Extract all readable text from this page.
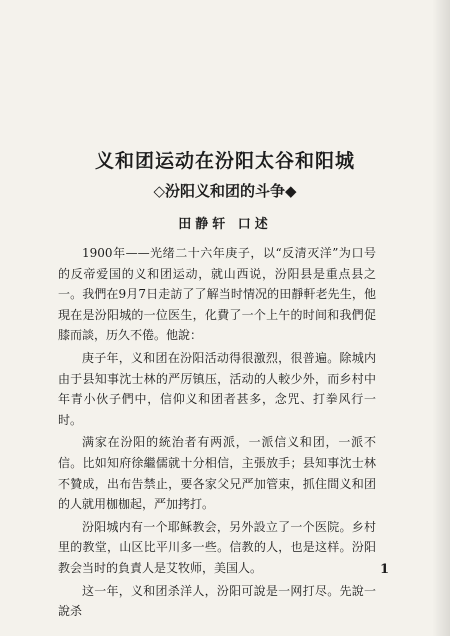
义和团运动在汾阳太谷和阳城
◇汾阳义和团的斗争◆
田静轩 口述

1900年——光绪二十六年庚子，以“反清灭洋”为口号的反帝爱国的义和团运动，就山西说，汾阳县是重点县之一。我們在9月7日走訪了了解当时情况的田靜軒老先生，他現在是汾阳城的一位医生，化費了一个上午的时间和我們促膝而談，历久不倦。他說：

庚子年，义和团在汾阳活动得很激烈，很普遍。除城内由于县知事沈士林的严厉镇压，活动的人較少外，而乡村中年青小伙子們中，信仰义和团者甚多，念咒、打拳风行一时。

满家在汾阳的統治者有两派，一派信义和团，一派不信。比如知府徐繼儒就十分相信，主張放手；县知事沈士林不贊成，出布告禁止，要各家父兄严加管束，抓住間义和团的人就用枷枷起，严加拷打。

汾阳城内有一个耶稣教会，另外設立了一个医院。乡村里的教堂，山区比平川多一些。信教的人，也是这样。汾阳教会当时的負責人是艾牧师，美国人。

这一年，义和团杀洋人，汾阳可說是一网打尽。先說一說杀

1
